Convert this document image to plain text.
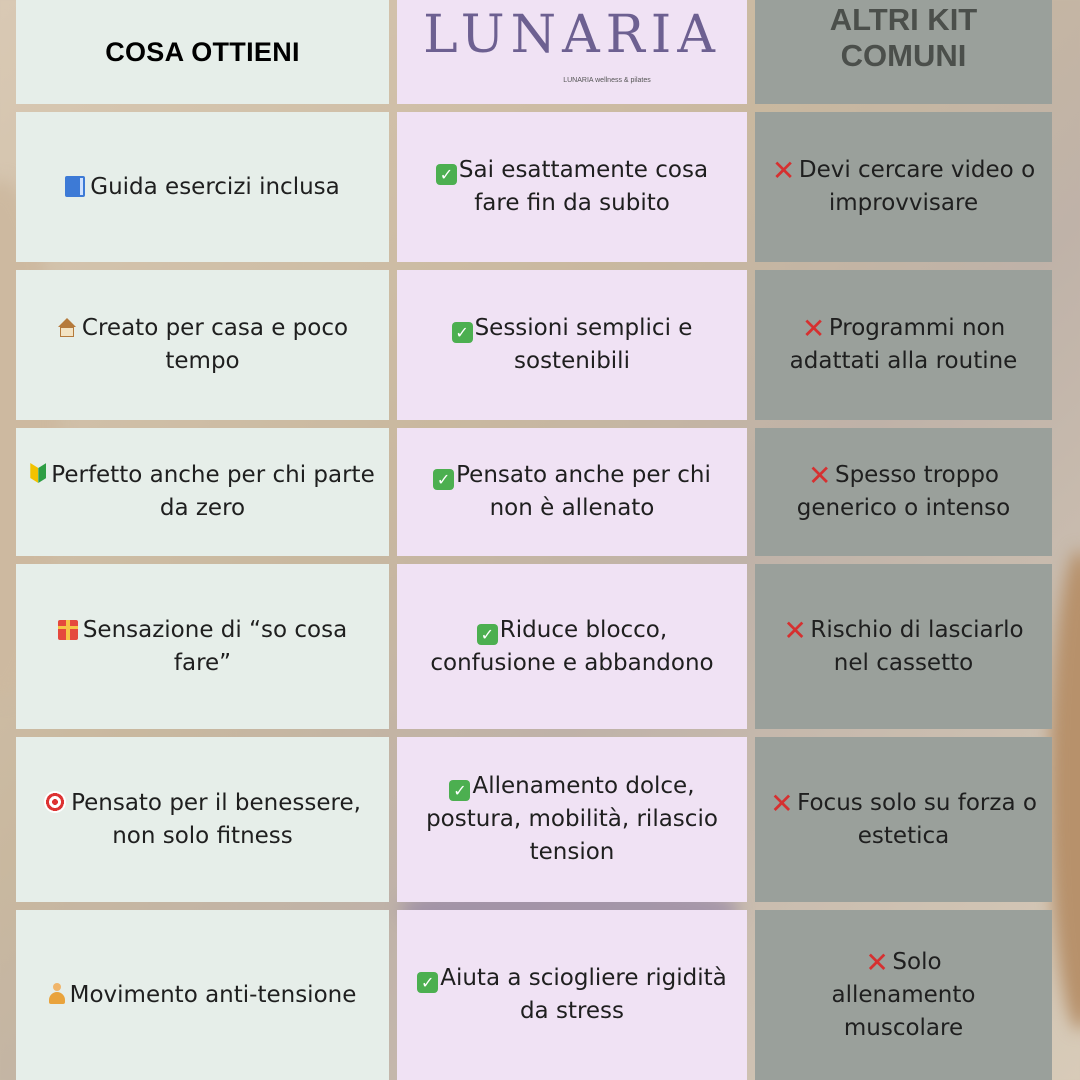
COSA OTTIENI LUNARIA
LUNARIA wellness & pilates
ALTRI KIT COMUNI
Guida esercizi inclusa	✓ Sai esattamente cosa fare fin da subito
✕ Devi cercare video o improvvisare
Creato per casa e poco tempo
✓ Sessioni semplici e sostenibili
✕ Programmi non adattati alla routine
Perfetto anche per chi parte da zero
✓ Pensato anche per chi non è allenato
✕ Spesso troppo generico o intenso
Sensazione di “so cosa fare”
✓ Riduce blocco, confusione e abbandono
✕ Rischio di lasciarlo nel cassetto
Pensato per il benessere, non solo fitness
✓ Allenamento dolce, postura, mobilità, rilascio tension
✕ Focus solo su forza o estetica
Movimento anti-tensione	✓ Aiuta a sciogliere rigidità da stress
✕ Solo allenamento muscolare
